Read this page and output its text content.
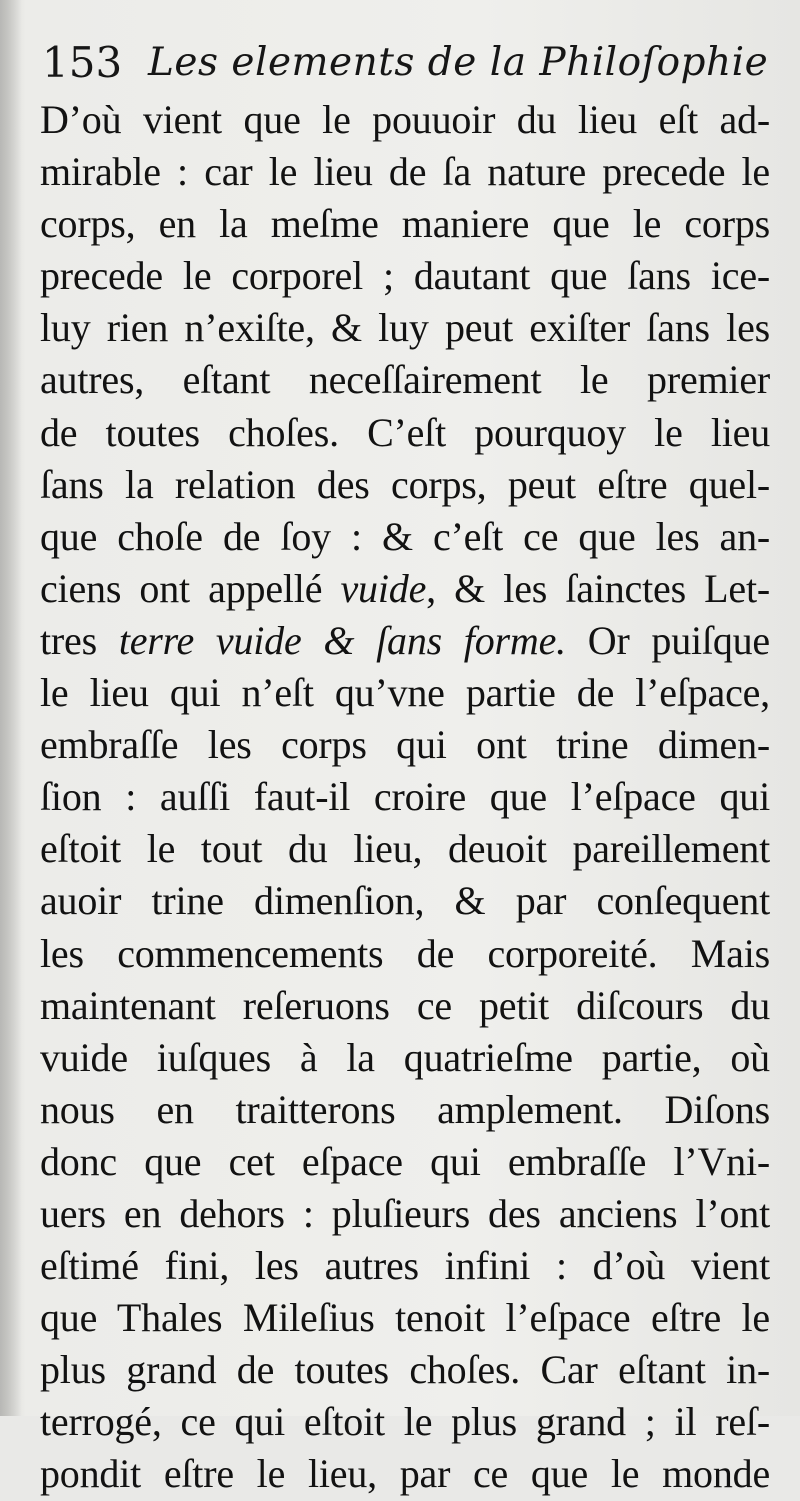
153 Les elements de la Philoſophie
D’où vient que le pouuoir du lieu eſt ad-
mirable : car le lieu de ſa nature precede le
corps, en la meſme maniere que le corps
precede le corporel ; dautant que ſans ice-
luy rien n’exiſte, & luy peut exiſter ſans les
autres, eſtant neceſſairement le premier
de toutes choſes. C’eſt pourquoy le lieu
ſans la relation des corps, peut eſtre quel-
que choſe de ſoy : & c’eſt ce que les an-
ciens ont appellé vuide, & les ſainctes Let-
tres terre vuide & ſans forme. Or puiſque
le lieu qui n’eſt qu’vne partie de l’eſpace,
embraſſe les corps qui ont trine dimen-
ſion : auſſi faut-il croire que l’eſpace qui
eſtoit le tout du lieu, deuoit pareillement
auoir trine dimenſion, & par conſequent
les commencements de corporeité. Mais
maintenant reſeruons ce petit diſcours du
vuide iuſques à la quatrieſme partie, où
nous en traitterons amplement. Diſons
donc que cet eſpace qui embraſſe l’Vni-
uers en dehors : pluſieurs des anciens l’ont
eſtimé fini, les autres infini : d’où vient
que Thales Mileſius tenoit l’eſpace eſtre le
plus grand de toutes choſes. Car eſtant in-
terrogé, ce qui eſtoit le plus grand ; il reſ-
pondit eſtre le lieu, par ce que le monde
